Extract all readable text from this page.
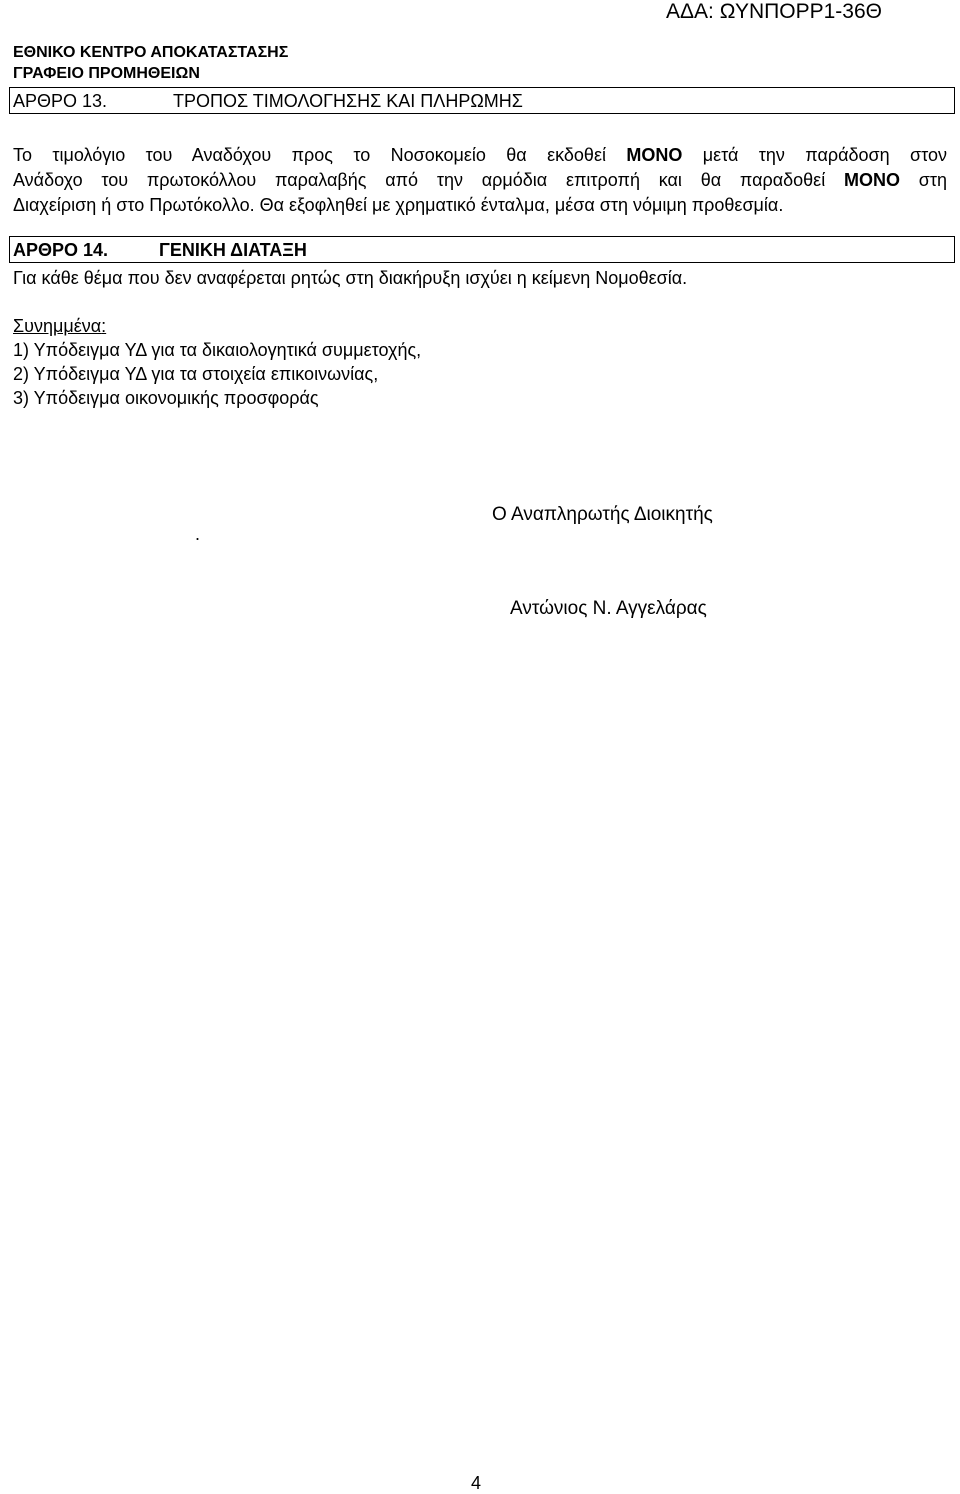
ΑΔΑ: ΩΥΝΠΟΡΡ1-36Θ
ΕΘΝΙΚΟ ΚΕΝΤΡΟ ΑΠΟΚΑΤΑΣΤΑΣΗΣ
ΓΡΑΦΕΙΟ ΠΡΟΜΗΘΕΙΩΝ
ΑΡΘΡΟ 13.	ΤΡΟΠΟΣ ΤΙΜΟΛΟΓΗΣΗΣ ΚΑΙ ΠΛΗΡΩΜΗΣ
Το τιμολόγιο του Αναδόχου προς το Νοσοκομείο θα εκδοθεί ΜΟΝΟ μετά την παράδοση στον
Ανάδοχο του πρωτοκόλλου παραλαβής από την αρμόδια επιτροπή και θα παραδοθεί ΜΟΝΟ στη
Διαχείριση ή στο Πρωτόκολλο. Θα εξοφληθεί με χρηματικό ένταλμα, μέσα στη νόμιμη προθεσμία.
ΑΡΘΡΟ 14.	ΓΕΝΙΚΗ ΔΙΑΤΑΞΗ
Για κάθε θέμα που δεν αναφέρεται ρητώς στη διακήρυξη ισχύει η κείμενη Νομοθεσία.
Συνημμένα:
1) Υπόδειγμα ΥΔ για τα δικαιολογητικά συμμετοχής,
2) Υπόδειγμα ΥΔ για τα στοιχεία επικοινωνίας,
3) Υπόδειγμα οικονομικής προσφοράς
.
Ο Αναπληρωτής Διοικητής
Αντώνιος Ν. Αγγελάρας
4
